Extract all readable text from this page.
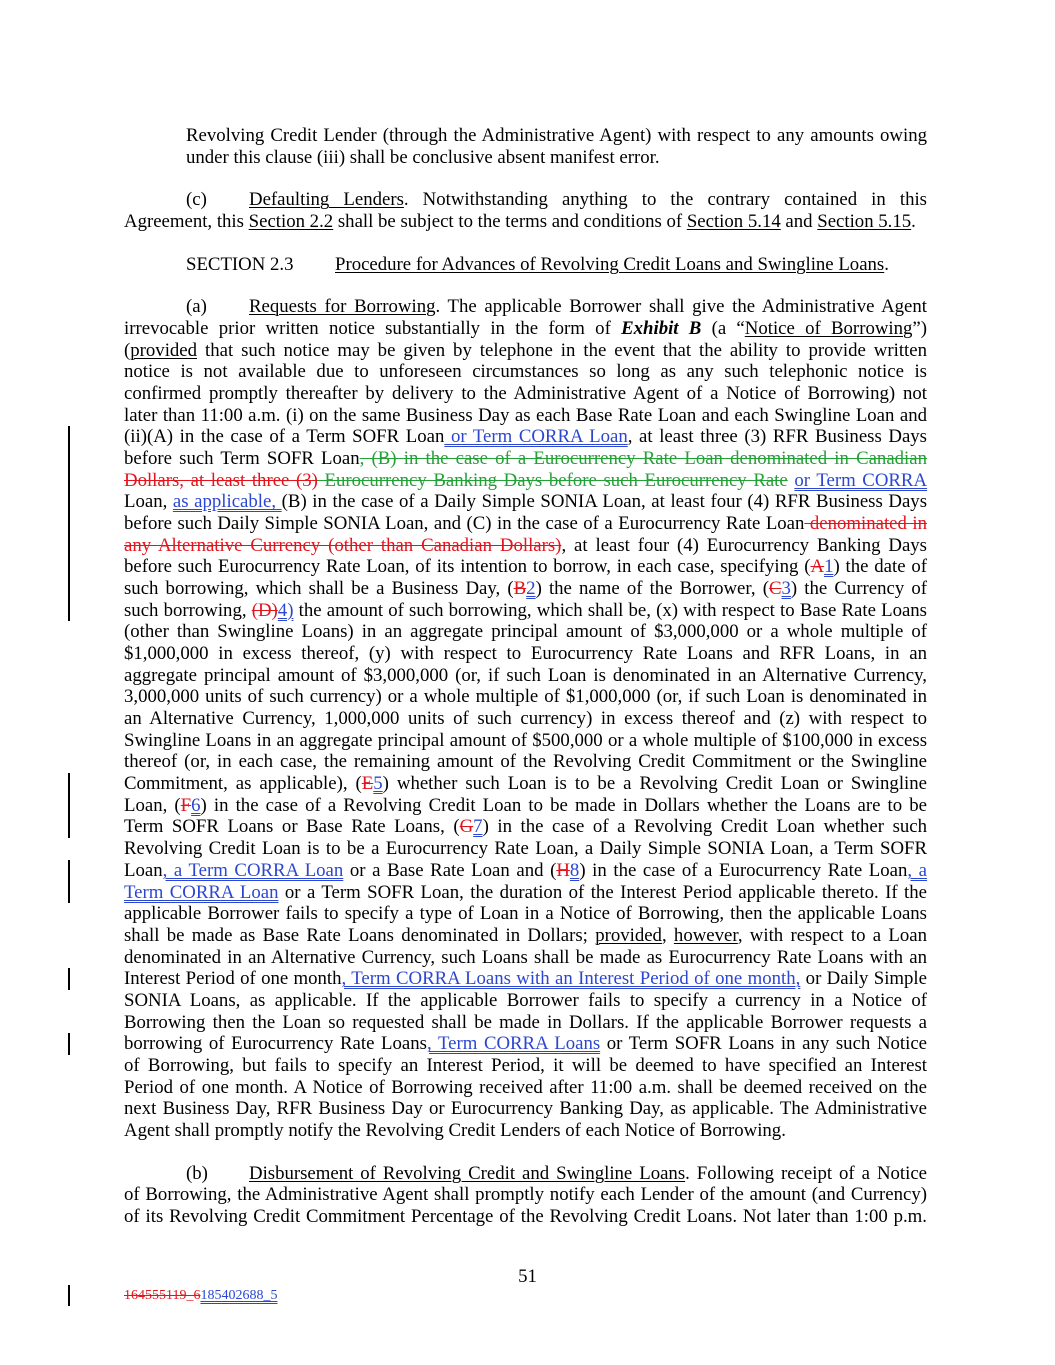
Revolving Credit Lender (through the Administrative Agent) with respect to any amounts owing
under this clause (iii) shall be conclusive absent manifest error.
(c) Defaulting Lenders. Notwithstanding anything to the contrary contained in this
Agreement, this Section 2.2 shall be subject to the terms and conditions of Section 5.14 and Section 5.15.
SECTION 2.3 Procedure for Advances of Revolving Credit Loans and Swingline Loans.
(a) Requests for Borrowing. The applicable Borrower shall give the Administrative Agent
irrevocable prior written notice substantially in the form of Exhibit B (a “Notice of Borrowing”)
(provided that such notice may be given by telephone in the event that the ability to provide written
notice is not available due to unforeseen circumstances so long as any such telephonic notice is
confirmed promptly thereafter by delivery to the Administrative Agent of a Notice of Borrowing) not
later than 11:00 a.m. (i) on the same Business Day as each Base Rate Loan and each Swingline Loan and
(ii)(A) in the case of a Term SOFR Loan or Term CORRA Loan, at least three (3) RFR Business Days
before such Term SOFR Loan, (B) in the case of a Eurocurrency Rate Loan denominated in Canadian
Dollars, at least three (3) Eurocurrency Banking Days before such Eurocurrency Rate or Term CORRA
Loan, as applicable, (B) in the case of a Daily Simple SONIA Loan, at least four (4) RFR Business Days
before such Daily Simple SONIA Loan, and (C) in the case of a Eurocurrency Rate Loan denominated in
any Alternative Currency (other than Canadian Dollars), at least four (4) Eurocurrency Banking Days
before such Eurocurrency Rate Loan, of its intention to borrow, in each case, specifying (A1) the date of
such borrowing, which shall be a Business Day, (B2) the name of the Borrower, (C3) the Currency of
such borrowing, (D)4) the amount of such borrowing, which shall be, (x) with respect to Base Rate Loans
(other than Swingline Loans) in an aggregate principal amount of $3,000,000 or a whole multiple of
$1,000,000 in excess thereof, (y) with respect to Eurocurrency Rate Loans and RFR Loans, in an
aggregate principal amount of $3,000,000 (or, if such Loan is denominated in an Alternative Currency,
3,000,000 units of such currency) or a whole multiple of $1,000,000 (or, if such Loan is denominated in
an Alternative Currency, 1,000,000 units of such currency) in excess thereof and (z) with respect to
Swingline Loans in an aggregate principal amount of $500,000 or a whole multiple of $100,000 in excess
thereof (or, in each case, the remaining amount of the Revolving Credit Commitment or the Swingline
Commitment, as applicable), (E5) whether such Loan is to be a Revolving Credit Loan or Swingline
Loan, (F6) in the case of a Revolving Credit Loan to be made in Dollars whether the Loans are to be
Term SOFR Loans or Base Rate Loans, (G7) in the case of a Revolving Credit Loan whether such
Revolving Credit Loan is to be a Eurocurrency Rate Loan, a Daily Simple SONIA Loan, a Term SOFR
Loan, a Term CORRA Loan or a Base Rate Loan and (H8) in the case of a Eurocurrency Rate Loan, a
Term CORRA Loan or a Term SOFR Loan, the duration of the Interest Period applicable thereto. If the
applicable Borrower fails to specify a type of Loan in a Notice of Borrowing, then the applicable Loans
shall be made as Base Rate Loans denominated in Dollars; provided, however, with respect to a Loan
denominated in an Alternative Currency, such Loans shall be made as Eurocurrency Rate Loans with an
Interest Period of one month, Term CORRA Loans with an Interest Period of one month, or Daily Simple
SONIA Loans, as applicable. If the applicable Borrower fails to specify a currency in a Notice of
Borrowing then the Loan so requested shall be made in Dollars. If the applicable Borrower requests a
borrowing of Eurocurrency Rate Loans, Term CORRA Loans or Term SOFR Loans in any such Notice
of Borrowing, but fails to specify an Interest Period, it will be deemed to have specified an Interest
Period of one month. A Notice of Borrowing received after 11:00 a.m. shall be deemed received on the
next Business Day, RFR Business Day or Eurocurrency Banking Day, as applicable. The Administrative
Agent shall promptly notify the Revolving Credit Lenders of each Notice of Borrowing.
(b) Disbursement of Revolving Credit and Swingline Loans. Following receipt of a Notice
of Borrowing, the Administrative Agent shall promptly notify each Lender of the amount (and Currency)
of its Revolving Credit Commitment Percentage of the Revolving Credit Loans. Not later than 1:00 p.m.
51
164555119_6185402688_5
